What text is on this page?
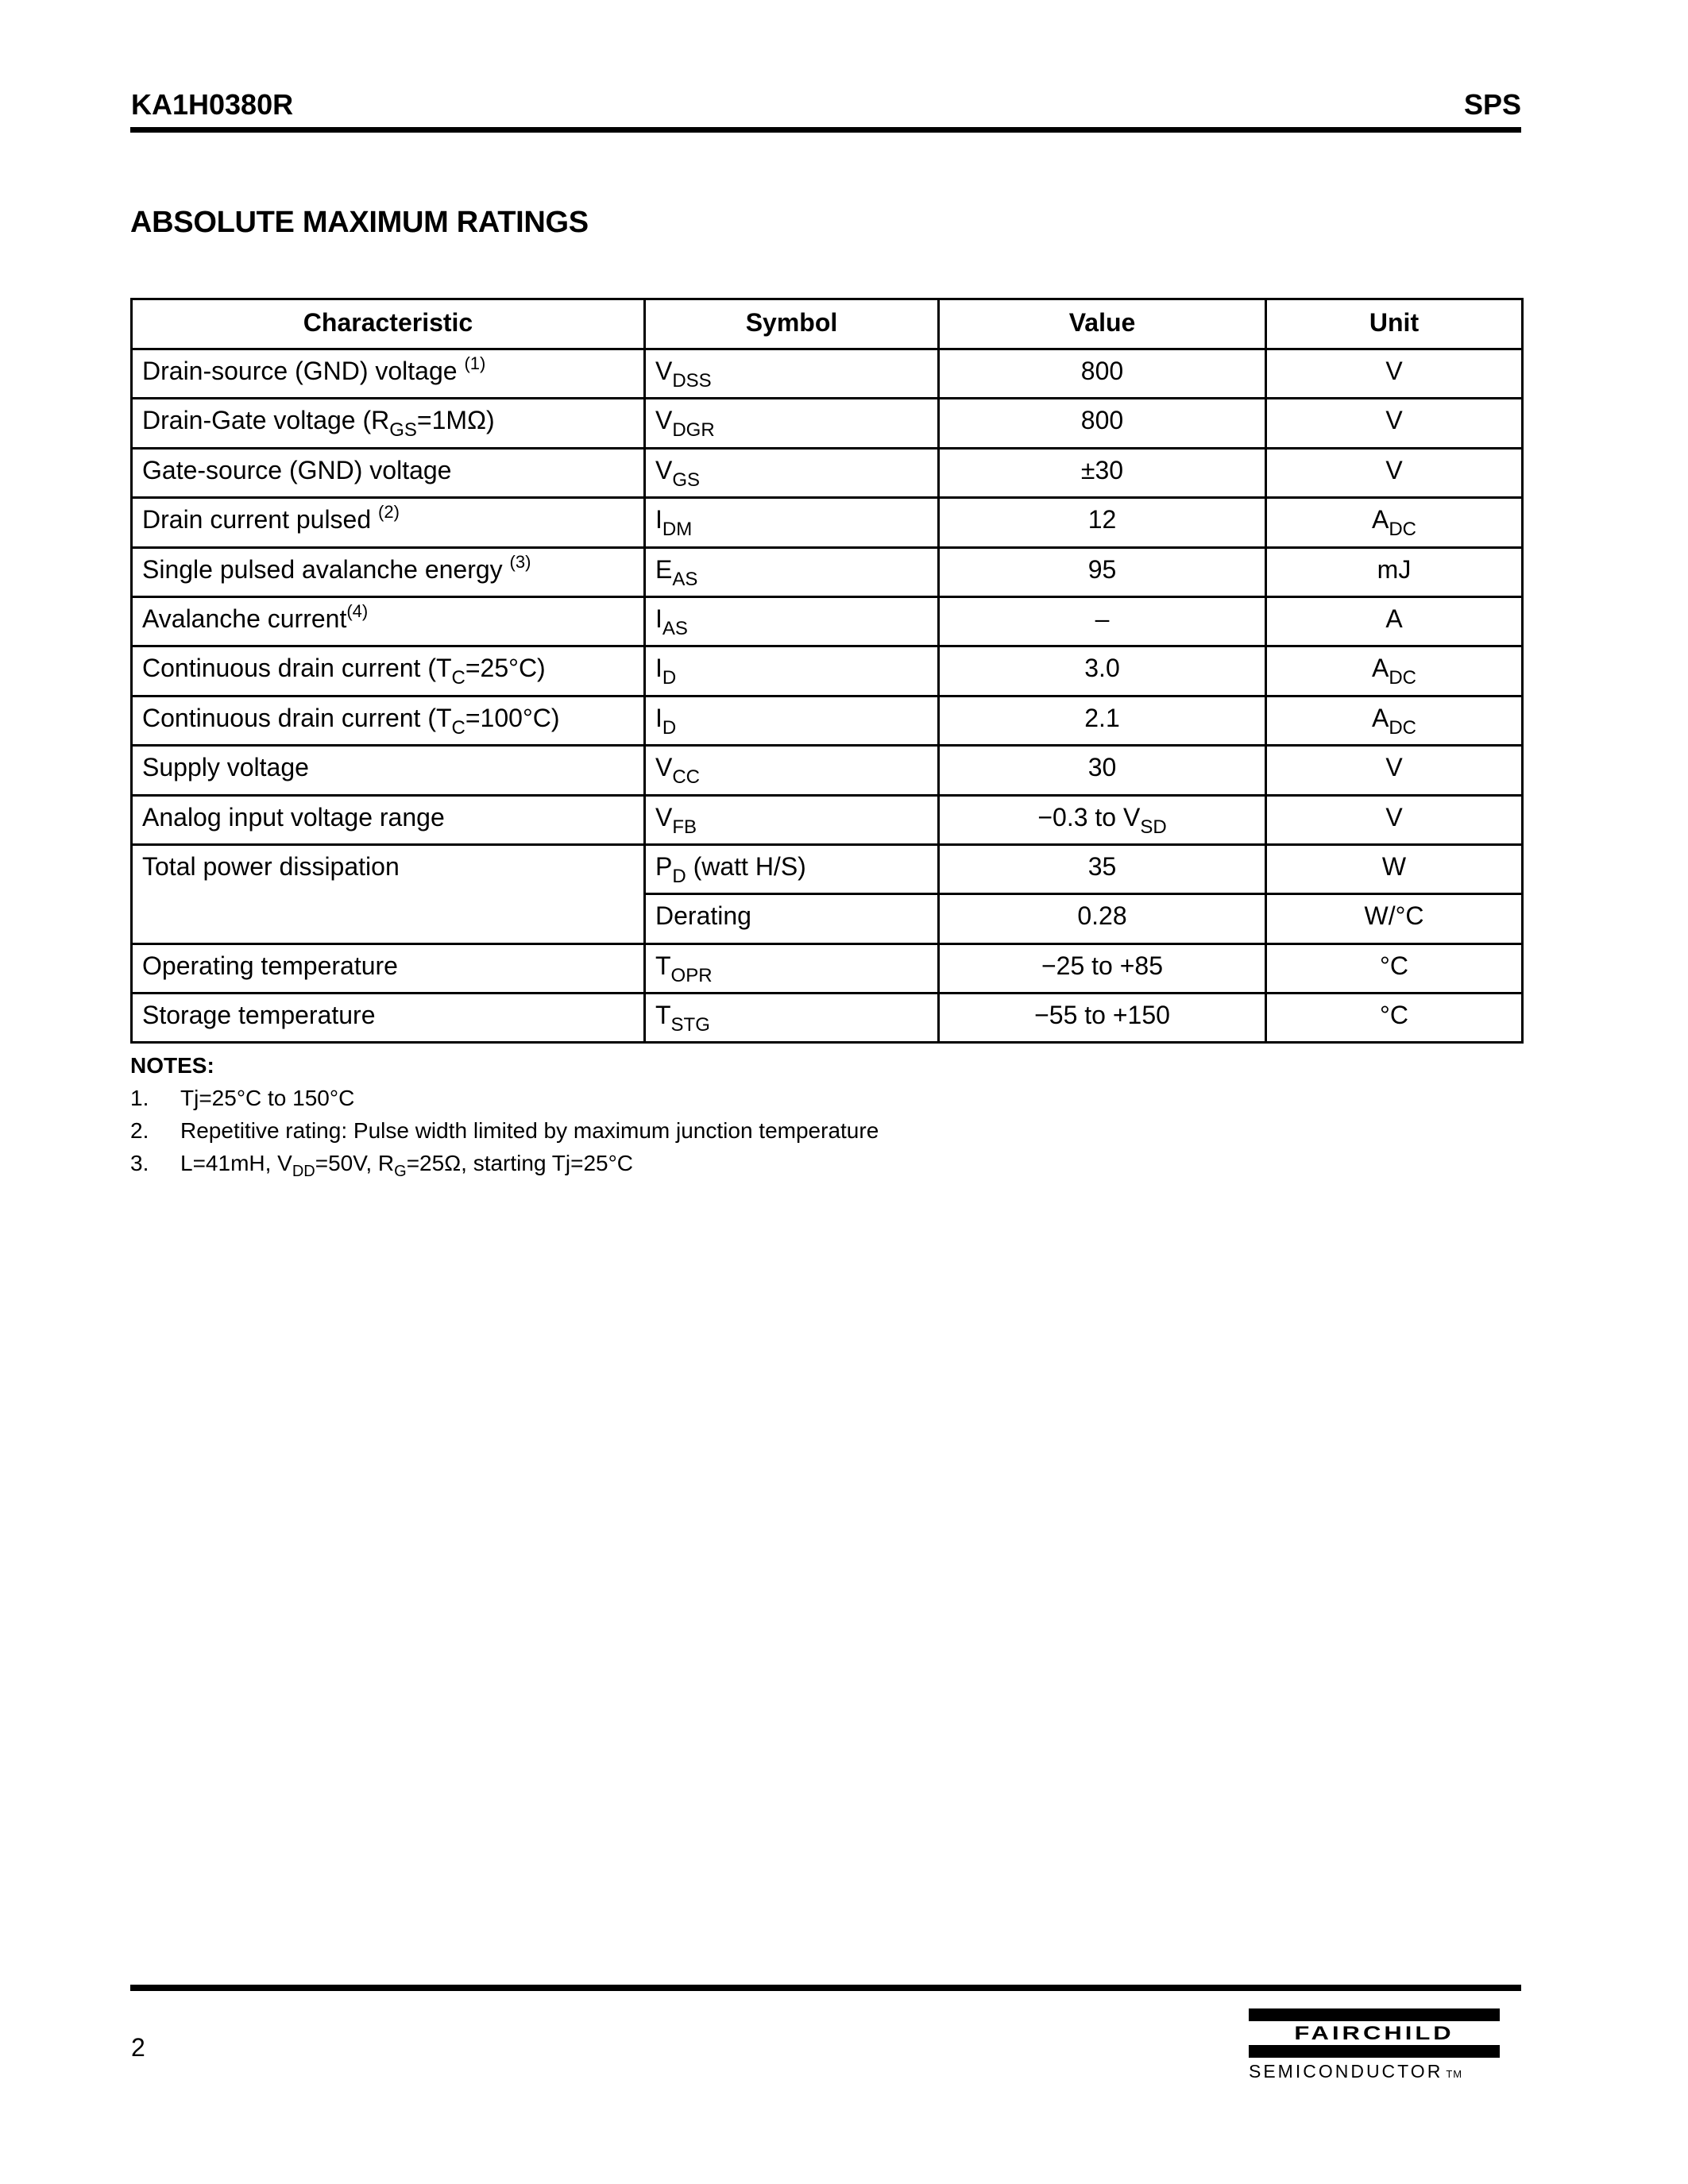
KA1H0380R	SPS
ABSOLUTE MAXIMUM RATINGS
Characteristic	Symbol	Value	Unit
Drain-source (GND) voltage $^{(1)}$	$V_{DSS}$	800	V
Drain-Gate voltage $(R_{GS}=1M\Omega)$	$V_{DGR}$	800	V
Gate-source (GND) voltage	$V_{GS}$	±30	V
Drain current pulsed $^{(2)}$	$I_{DM}$	12	$A_{DC}$
Single pulsed avalanche energy $^{(3)}$	$E_{AS}$	95	mJ
Avalanche current$^{(4)}$	$I_{AS}$	–	A
Continuous drain current $(T_C=25^\circ C)$	$I_D$	3.0	$A_{DC}$
Continuous drain current $(T_C=100^\circ C)$	$I_D$	2.1	$A_{DC}$
Supply voltage	$V_{CC}$	30	V
Analog input voltage range	$V_{FB}$	−0.3 to $V_{SD}$	V
Total power dissipation	$P_D$ (watt H/S)	35	W
	Derating	0.28	W/°C
Operating temperature	$T_{OPR}$	−25 to +85	°C
Storage temperature	$T_{STG}$	−55 to +150	°C
NOTES:
1. Tj=25°C to 150°C
2. Repetitive rating: Pulse width limited by maximum junction temperature
3. L=41mH, $V_{DD}=50V$, $R_G=25\Omega$, starting Tj=25°C
2
FAIRCHILD
SEMICONDUCTOR TM
